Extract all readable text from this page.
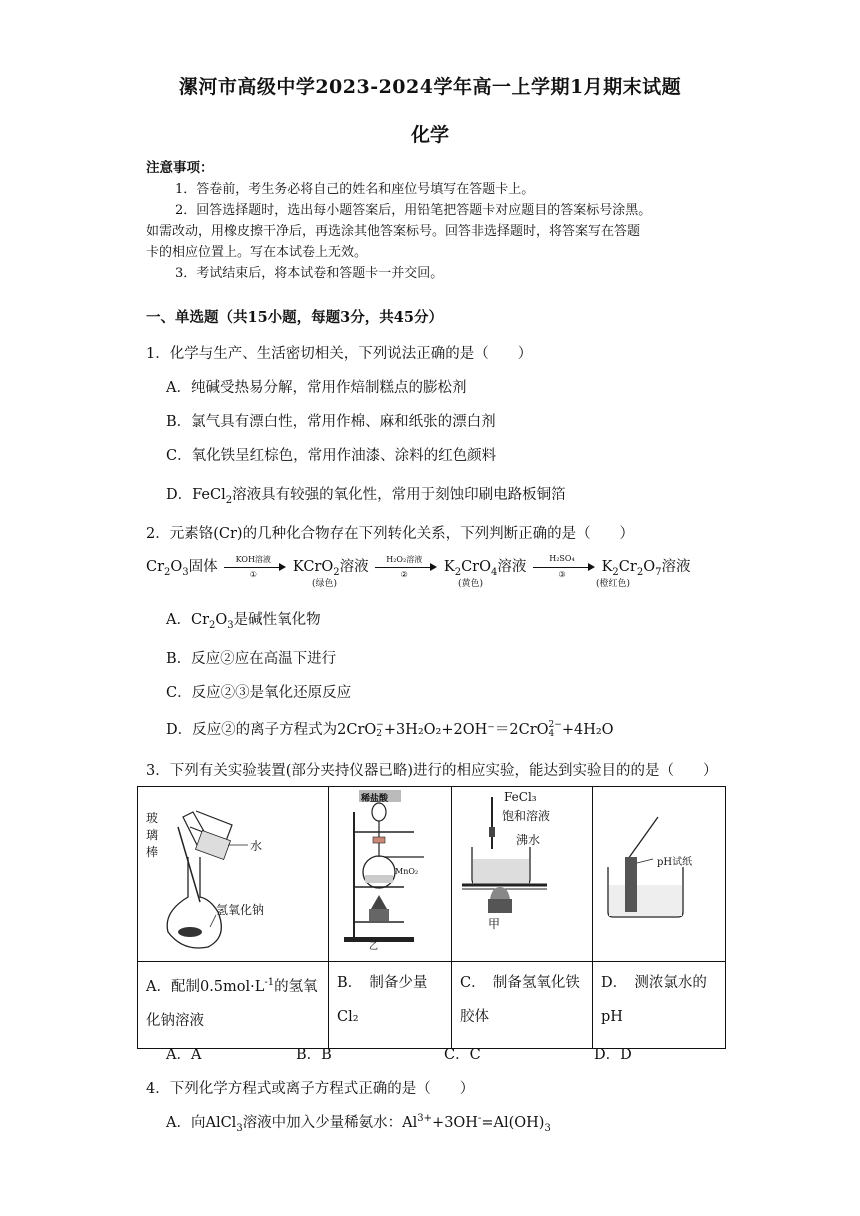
漯河市高级中学2023-2024学年高一上学期1月期末试题
化学
注意事项：
1．答卷前，考生务必将自己的姓名和座位号填写在答题卡上。
2．回答选择题时，选出每小题答案后，用铅笔把答题卡对应题目的答案标号涂黑。
如需改动，用橡皮擦干净后，再选涂其他答案标号。回答非选择题时，将答案写在答题
卡的相应位置上。写在本试卷上无效。
3．考试结束后，将本试卷和答题卡一并交回。
一、单选题（共15小题，每题3分，共45分）
1．化学与生产、生活密切相关，下列说法正确的是（　　）
A．纯碱受热易分解，常用作焙制糕点的膨松剂
B．氯气具有漂白性，常用作棉、麻和纸张的漂白剂
C．氧化铁呈红棕色，常用作油漆、涂料的红色颜料
D．FeCl$_2$溶液具有较强的氧化性，常用于刻蚀印刷电路板铜箔
2．元素铬(Cr)的几种化合物存在下列转化关系，下列判断正确的是（　　）
$Cr_2O_3$固体	KOH溶液
①	KCrO$_2$溶液	H₂O₂溶液
②	$K_2CrO_4$溶液
H₂SO₄
③	$K_2Cr_2O_7$溶液
(绿色)	(黄色)	(橙红色)
A．$Cr_2O_3$是碱性氧化物
B．反应②应在高温下进行
C．反应②③是氧化还原反应
D．反应②的离子方程式为2CrO −
2 +3H₂O₂+2OH⁻＝2CrO 2−
4 +4H₂O
3．下列有关实验装置(部分夹持仪器已略)进行的相应实验，能达到实验目的的是（　　）
玻
璃
棒 水
氢氧化钠	稀盐酸
MnO₂
乙	FeCl₃
饱和溶液
沸水
甲	pH试纸

A．配制$0.5mol\cdot L^{-1}$的氢氧化钠溶液	B．　制备少量Cl₂	C．　制备氢氧化铁胶体	D．　测浓氯水的pH
A．A	B．B	C．C	D．D
4．下列化学方程式或离子方程式正确的是（　　）
A．向AlCl$_3$溶液中加入少量稀氨水：$Al^{3+}+3OH^-=Al(OH)_3$
